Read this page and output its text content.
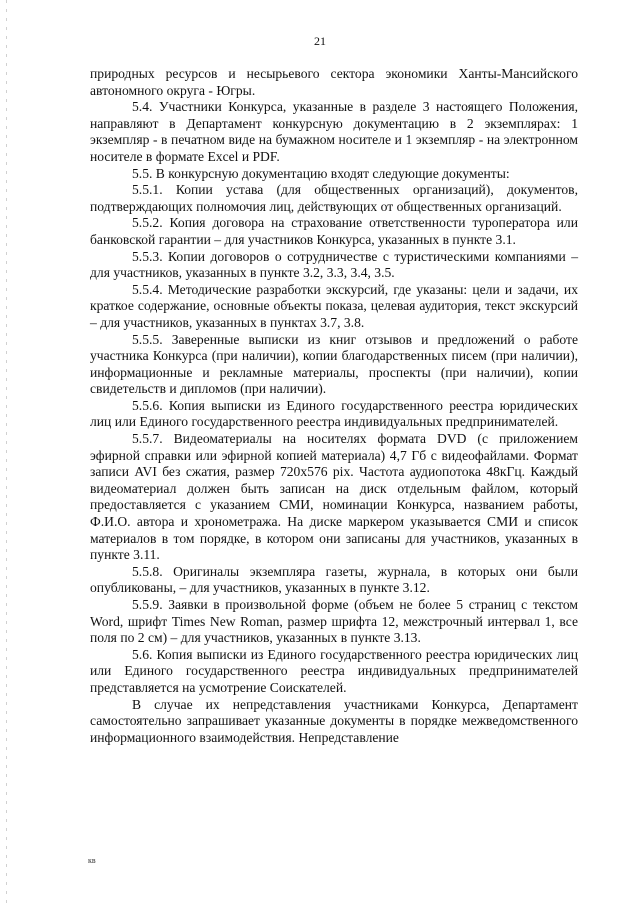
21

природных ресурсов и несырьевого сектора экономики Ханты-Мансийского автономного округа - Югры.

5.4. Участники Конкурса, указанные в разделе 3 настоящего Положения, направляют в Департамент конкурсную документацию в 2 экземплярах: 1 экземпляр - в печатном виде на бумажном носителе и 1 экземпляр - на электронном носителе в формате Excel и PDF.

5.5. В конкурсную документацию входят следующие документы:

5.5.1. Копии устава (для общественных организаций), документов, подтверждающих полномочия лиц, действующих от общественных организаций.

5.5.2. Копия договора на страхование ответственности туроператора или банковской гарантии – для участников Конкурса, указанных в пункте 3.1.

5.5.3. Копии договоров о сотрудничестве с туристическими компаниями – для участников, указанных в пункте 3.2, 3.3, 3.4, 3.5.

5.5.4. Методические разработки экскурсий, где указаны: цели и задачи, их краткое содержание, основные объекты показа, целевая аудитория, текст экскурсий – для участников, указанных в пунктах 3.7, 3.8.

5.5.5. Заверенные выписки из книг отзывов и предложений о работе участника Конкурса (при наличии), копии благодарственных писем (при наличии), информационные и рекламные материалы, проспекты (при наличии), копии свидетельств и дипломов (при наличии).

5.5.6. Копия выписки из Единого государственного реестра юридических лиц или Единого государственного реестра индивидуальных предпринимателей.

5.5.7. Видеоматериалы на носителях формата DVD (с приложением эфирной справки или эфирной копией материала) 4,7 Гб с видеофайлами. Формат записи AVI без сжатия, размер 720х576 pix. Частота аудиопотока 48кГц. Каждый видеоматериал должен быть записан на диск отдельным файлом, который предоставляется с указанием СМИ, номинации Конкурса, названием работы, Ф.И.О. автора и хронометража. На диске маркером указывается СМИ и список материалов в том порядке, в котором они записаны для участников, указанных в пункте 3.11.

5.5.8. Оригиналы экземпляра газеты, журнала, в которых они были опубликованы, – для участников, указанных в пункте 3.12.

5.5.9. Заявки в произвольной форме (объем не более 5 страниц с текстом Word, шрифт Times New Roman, размер шрифта 12, межстрочный интервал 1, все поля по 2 см) – для участников, указанных в пункте 3.13.

5.6. Копия выписки из Единого государственного реестра юридических лиц или Единого государственного реестра индивидуальных предпринимателей представляется на усмотрение Соискателей.

В случае их непредставления участниками Конкурса, Департамент самостоятельно запрашивает указанные документы в порядке межведомственного информационного взаимодействия. Непредставление

кв
